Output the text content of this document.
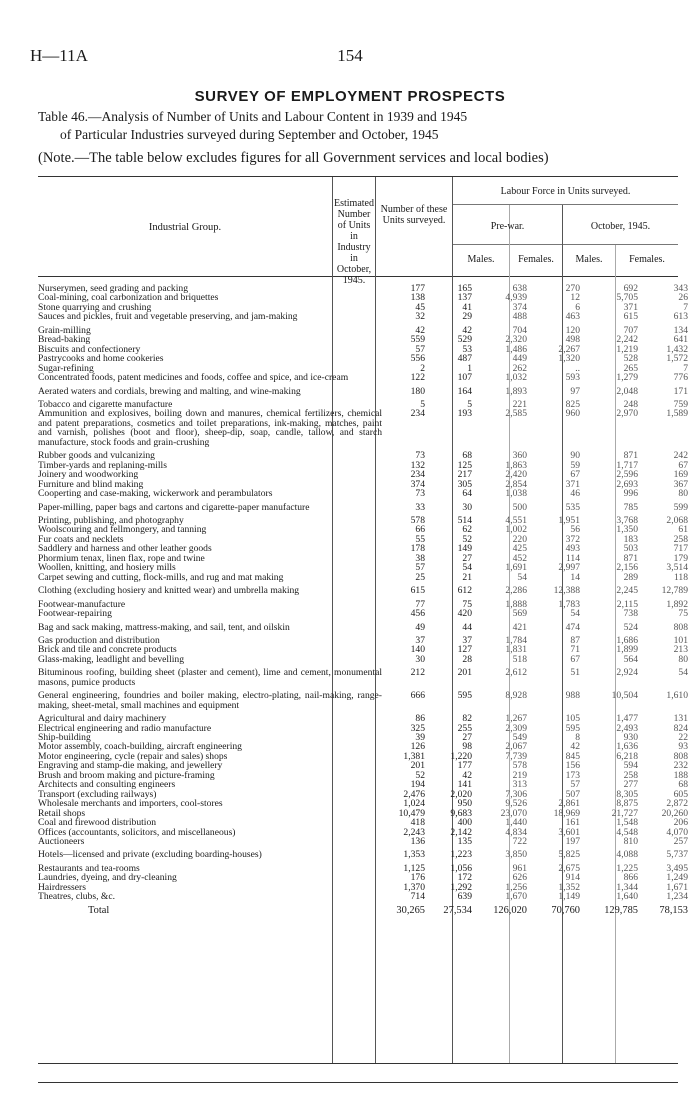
H—11A	154
SURVEY OF EMPLOYMENT PROSPECTS
Table 46.—Analysis of Number of Units and Labour Content in 1939 and 1945
of Particular Industries surveyed during September and October, 1945
(Note.—The table below excludes figures for all Government services and local bodies)
Industrial Group.
Estimated Number of Units in Industry in October, 1945.
Number of these Units surveyed.
Labour Force in Units surveyed.
Pre-war.	October, 1945.
Males.	Females.	Males.	Females.
Nurserymen, seed grading and packing	177	165	638	270	692	343
Coal-mining, coal carbonization and briquettes	138	137	4,939	12	5,705	26
Stone quarrying and crushing	45	41	374	6	371	7
Sauces and pickles, fruit and vegetable preserving, and jam-making	32	29	488	463	615	613

Grain-milling	42	42	704	120	707	134
Bread-baking	559	529	2,320	498	2,242	641
Biscuits and confectionery	57	53	1,486	2,267	1,219	1,432
Pastrycooks and home cookeries	556	487	449	1,320	528	1,572
Sugar-refining	2	1	262	..	265	7
Concentrated foods, patent medicines and foods, coffee and spice, and ice-cream	122	107	1,032	593	1,279	776

Aerated waters and cordials, brewing and malting, and wine-making	180	164	1,893	97	2,048	171

Tobacco and cigarette manufacture	5	5	221	825	248	759
Ammunition and explosives, boiling down and manures, chemical fertilizers, chemical and patent preparations, cosmetics and toilet preparations, ink-making, matches, paint and varnish, polishes (boot and floor), sheep-dip, soap, candle, tallow, and starch manufacture, stock foods and grain-crushing	234	193	2,585	960	2,970	1,589

Rubber goods and vulcanizing	73	68	360	90	871	242
Timber-yards and replaning-mills	132	125	1,863	59	1,717	67
Joinery and woodworking	234	217	2,420	67	2,596	169
Furniture and blind making	374	305	2,854	371	2,693	367
Cooperting and case-making, wickerwork and perambulators	73	64	1,038	46	996	80

Paper-milling, paper bags and cartons and cigarette-paper manufacture	33	30	500	535	785	599

Printing, publishing, and photography	578	514	4,551	1,951	3,768	2,068
Woolscouring and fellmongery, and tanning	66	62	1,002	56	1,350	61
Fur coats and necklets	55	52	220	372	183	258
Saddlery and harness and other leather goods	178	149	425	493	503	717
Phormium tenax, linen flax, rope and twine	38	27	452	114	871	179
Woollen, knitting, and hosiery mills	57	54	1,691	2,997	2,156	3,514
Carpet sewing and cutting, flock-mills, and rug and mat making	25	21	54	14	289	118

Clothing (excluding hosiery and knitted wear) and umbrella making	615	612	2,286	12,388	2,245	12,789

Footwear-manufacture	77	75	1,888	1,783	2,115	1,892
Footwear-repairing	456	420	569	54	738	75

Bag and sack making, mattress-making, and sail, tent, and oilskin	49	44	421	474	524	808

Gas production and distribution	37	37	1,784	87	1,686	101
Brick and tile and concrete products	140	127	1,831	71	1,899	213
Glass-making, leadlight and bevelling	30	28	518	67	564	80

Bituminous roofing, building sheet (plaster and cement), lime and cement, monumental masons, pumice products	212	201	2,612	51	2,924	54

General engineering, foundries and boiler making, electro-plating, nail-making, range-making, sheet-metal, small machines and equipment	666	595	8,928	988	10,504	1,610

Agricultural and dairy machinery	86	82	1,267	105	1,477	131
Electrical engineering and radio manufacture	325	255	2,309	595	2,493	824
Ship-building	39	27	549	8	930	22
Motor assembly, coach-building, aircraft engineering	126	98	2,067	42	1,636	93
Motor engineering, cycle (repair and sales) shops	1,381	1,220	7,739	845	6,218	808
Engraving and stamp-die making, and jewellery	201	177	578	156	594	232
Brush and broom making and picture-framing	52	42	219	173	258	188
Architects and consulting engineers	194	141	313	57	277	68
Transport (excluding railways)	2,476	2,020	7,306	507	8,305	605
Wholesale merchants and importers, cool-stores	1,024	950	9,526	2,861	8,875	2,872
Retail shops	10,479	9,683	23,070	18,969	21,727	20,260
Coal and firewood distribution	418	400	1,440	161	1,548	206
Offices (accountants, solicitors, and miscellaneous)	2,243	2,142	4,834	3,601	4,548	4,070
Auctioneers	136	135	722	197	810	257

Hotels—licensed and private (excluding boarding-houses)	1,353	1,223	3,850	5,825	4,088	5,737

Restaurants and tea-rooms	1,125	1,056	961	2,675	1,225	3,495
Laundries, dyeing, and dry-cleaning	176	172	626	914	866	1,249
Hairdressers	1,370	1,292	1,256	1,352	1,344	1,671
Theatres, clubs, &c.	714	639	1,670	1,149	1,640	1,234
Total	30,265	27,534	126,020	70,760	129,785	78,153
